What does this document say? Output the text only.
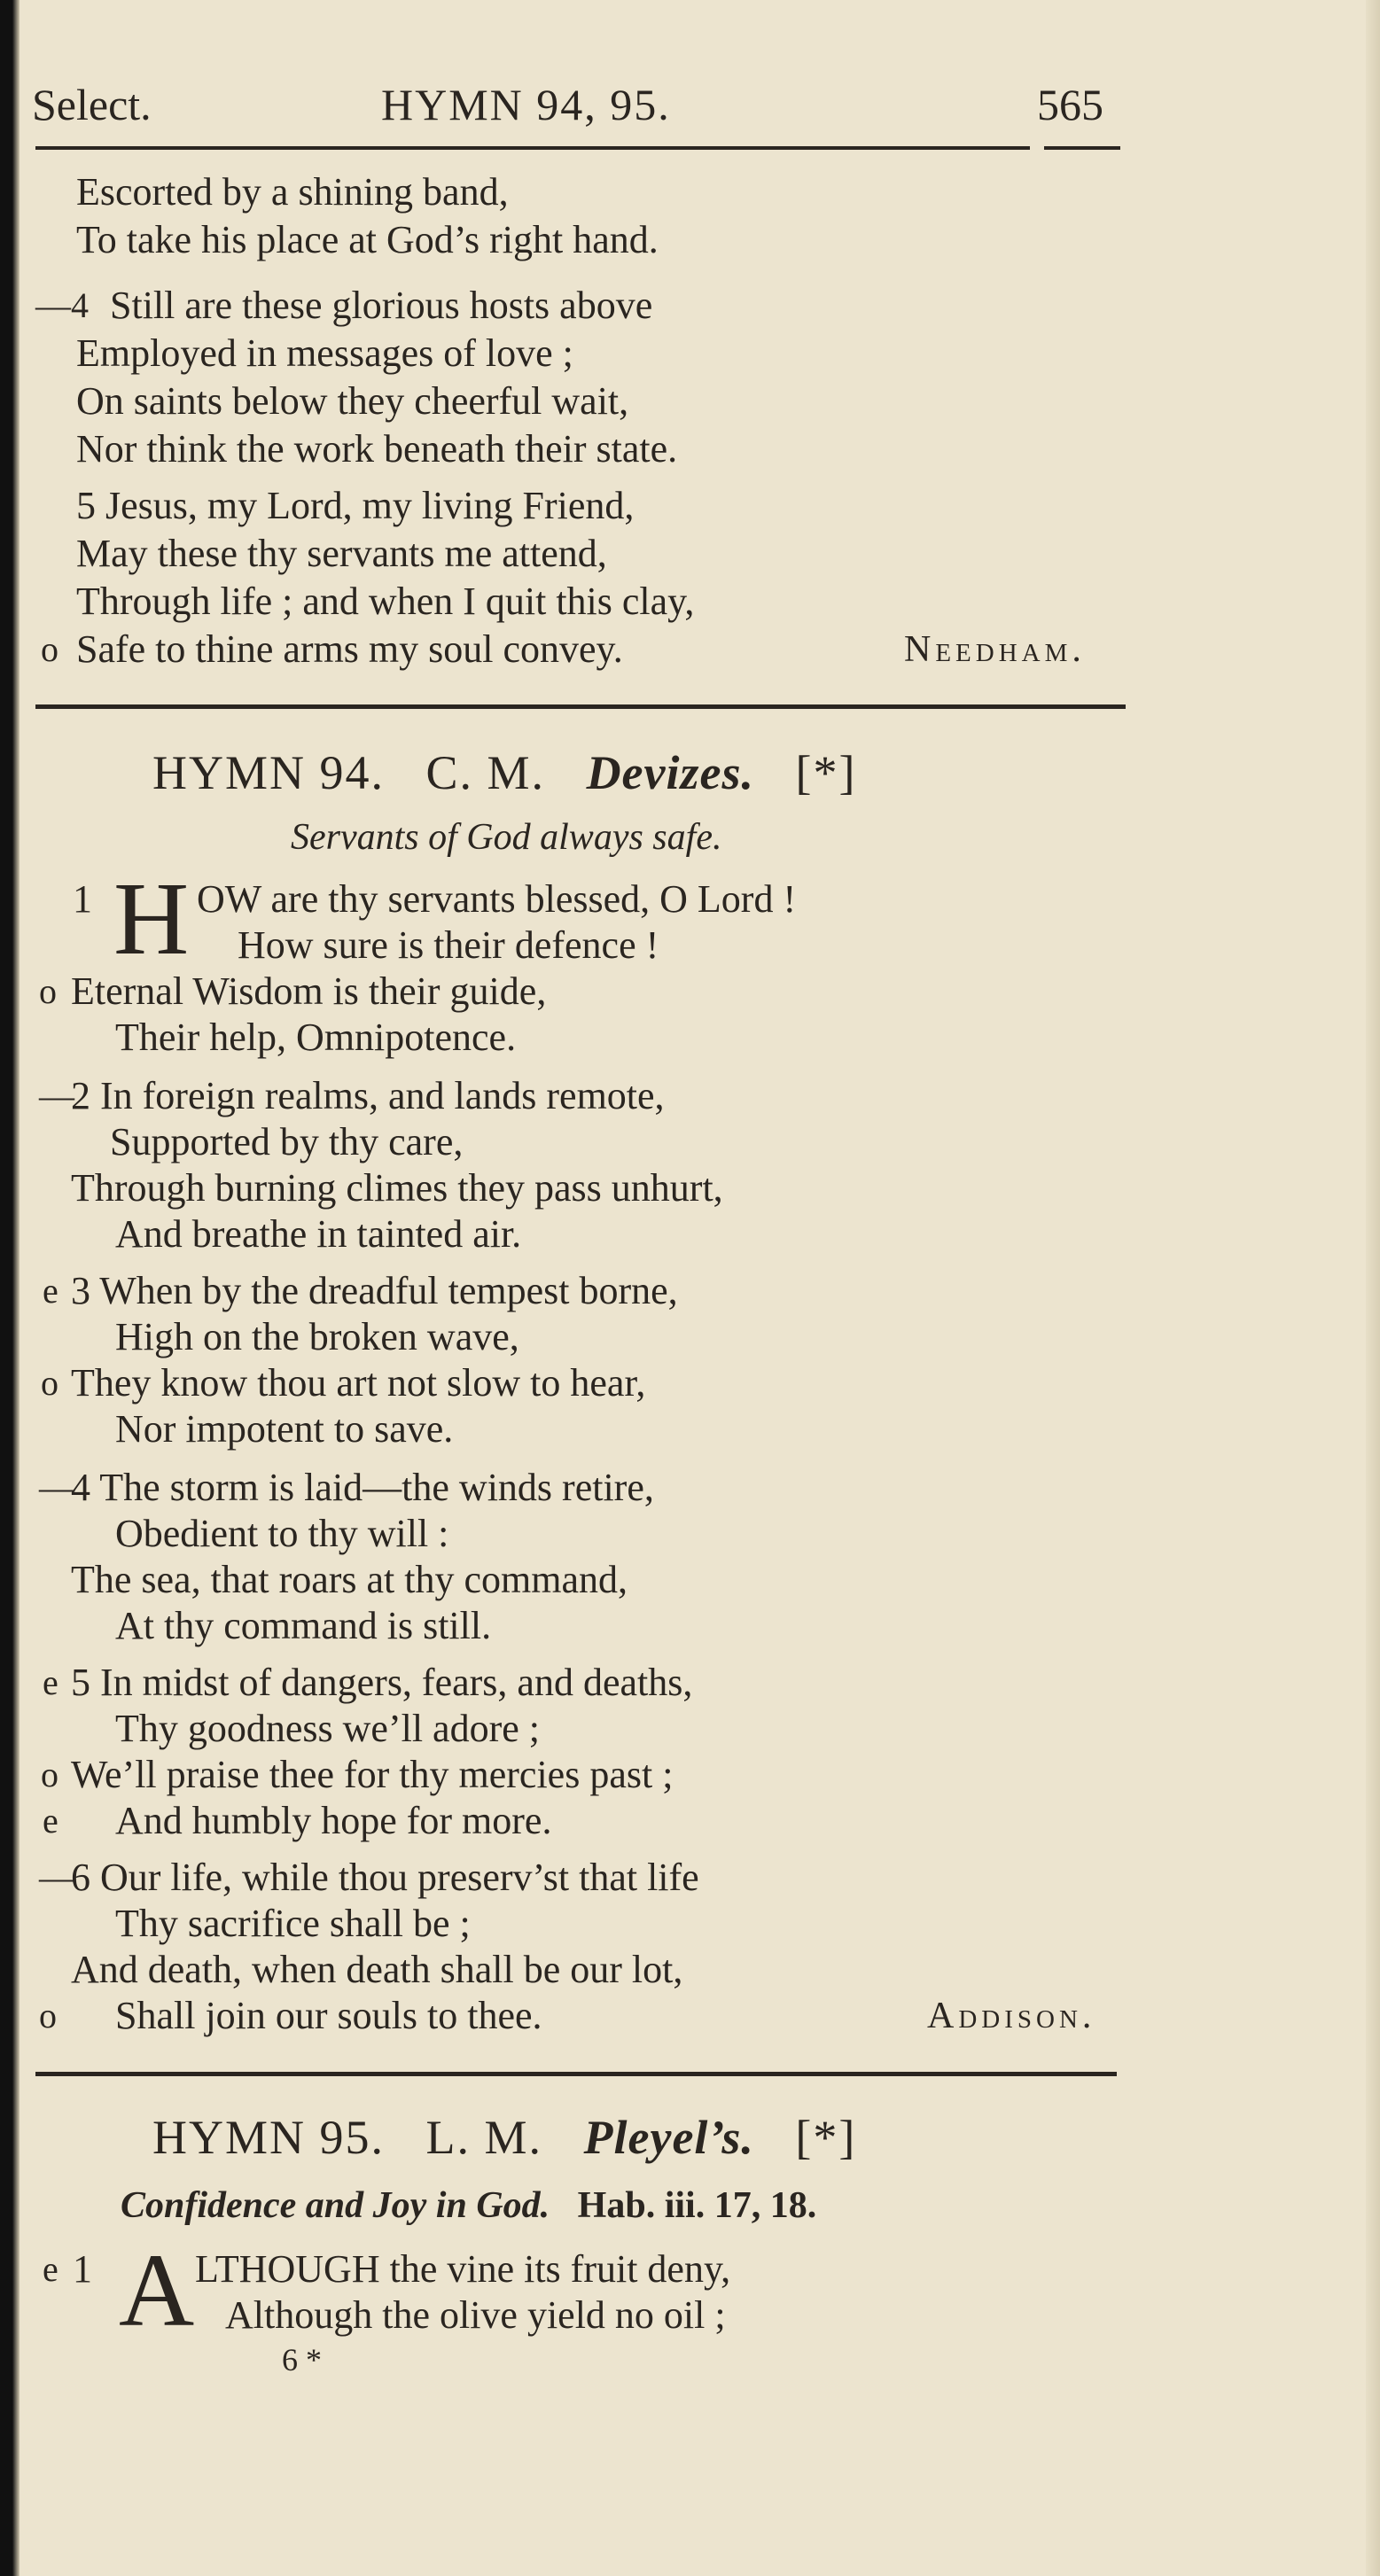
Select.	HYMN 94, 95.	565
Escorted by a shining band,
To take his place at God’s right hand.
—4 Still are these glorious hosts above
Employed in messages of love ;
On saints below they cheerful wait,
Nor think the work beneath their state.
5 Jesus, my Lord, my living Friend,
May these thy servants me attend,
Through life ; and when I quit this clay,
o Safe to thine arms my soul convey.	Needham.
HYMN 94. C. M. Devizes. [*]
Servants of God always safe.
1 H OW are thy servants blessed, O Lord !
How sure is their defence !
o Eternal Wisdom is their guide,
Their help, Omnipotence.
—
2 In foreign realms, and lands remote,
Supported by thy care,
Through burning climes they pass unhurt,
And breathe in tainted air.
e 3 When by the dreadful tempest borne,
High on the broken wave,
o They know thou art not slow to hear,
Nor impotent to save.
—
4 The storm is laid—the winds retire,
Obedient to thy will :
The sea, that roars at thy command,
At thy command is still.
e 5 In midst of dangers, fears, and deaths,
Thy goodness we’ll adore ;
o We’ll praise thee for thy mercies past ;
e And humbly hope for more.
—
6 Our life, while thou preserv’st that life
Thy sacrifice shall be ;
And death, when death shall be our lot,
o Shall join our souls to thee.	Addison.
HYMN 95. L. M. Pleyel’s. [*]
Confidence and Joy in God. Hab. iii. 17, 18.
e 1 A LTHOUGH the vine its fruit deny,
Although the olive yield no oil ;
6 *
